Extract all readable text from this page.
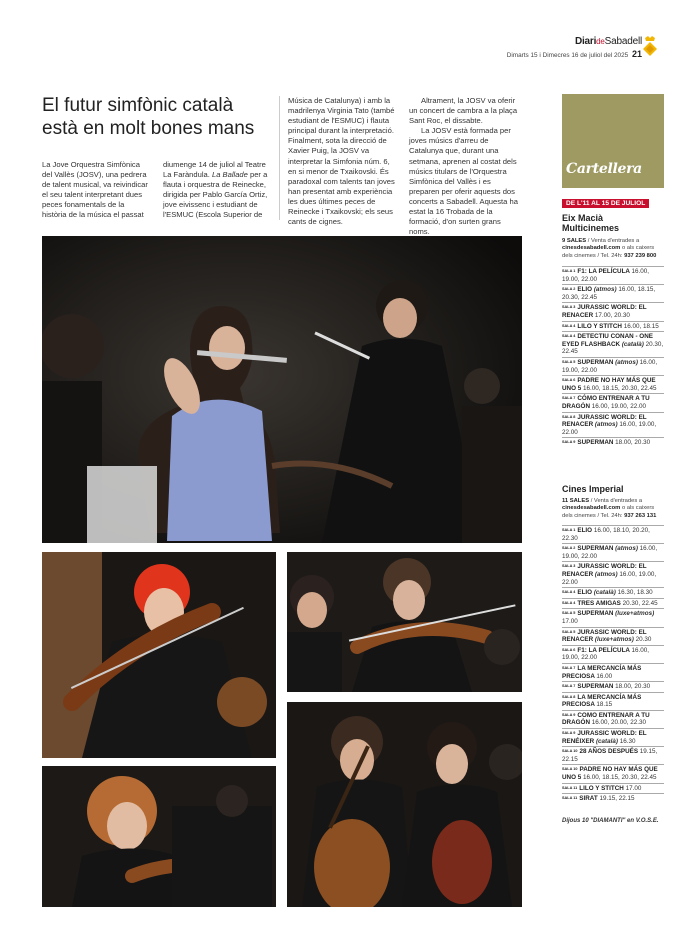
DiarideSabadell
Dimarts 15 i Dimecres 16 de juliol del 2025 21
El futur simfònic català està en molt bones mans
La Jove Orquestra Simfònica del Vallès (JOSV), una pedrera de talent musical, va reivindicar el seu talent interpretant dues peces fonamentals de la història de la música el passat
diumenge 14 de juliol al Teatre La Faràndula. La Ballade per a flauta i orquestra de Reinecke, dirigida per Pablo García Ortiz, jove eivissenc i estudiant de l'ESMUC (Escola Superior de
Música de Catalunya) i amb la madrilenya Virginia Tato (també estudiant de l'ESMUC) i flauta principal durant la interpretació. Finalment, sota la direcció de Xavier Puig, la JOSV va interpretar la Simfonia núm. 6, en si menor de Txaikovski. És paradoxal com talents tan joves han presentat amb experiència les dues últimes peces de Reinecke i Txaikovski; els seus cants de cignes.
Altrament, la JOSV va oferir un concert de cambra a la plaça Sant Roc, el dissabte.
La JOSV està formada per joves músics d'arreu de Catalunya que, durant una setmana, aprenen al costat dels músics titulars de l'Orquestra Simfònica del Vallès i es preparen per oferir aquests dos concerts a Sabadell. Aquesta ha estat la 16 Trobada de la formació, d'on surten grans noms.
Cartellera
DE L'11 AL 15 DE JULIOL
Eix Macià
Multicinemes
9 SALES / Venta d'entrades a cinesdesabadell.com o als caixers dels cinemes / Tel. 24h: 937 239 800
$^{SALA 1}$ F1: LA PELÍCULA 16.00, 19.00, 22.00
$^{SALA 2}$ ELIO (atmos) 16.00, 18.15, 20.30, 22.45
$^{SALA 3}$ JURASSIC WORLD: EL RENACER 17.00, 20.30
$^{SALA 4}$ LILO Y STITCH 16.00, 18.15
$^{SALA 4}$ DETECTIU CONAN - ONE EYED FLASHBACK (català) 20.30, 22.45
$^{SALA 5}$ SUPERMAN (atmos) 16.00, 19.00, 22.00
$^{SALA 6}$ PADRE NO HAY MÁS QUE UNO 5 16.00, 18.15, 20.30, 22.45
$^{SALA 7}$ CÓMO ENTRENAR A TU DRAGÓN 16.00, 19.00, 22.00
$^{SALA 8}$ JURASSIC WORLD: EL RENACER (atmos) 16.00, 19.00, 22.00
$^{SALA 9}$ SUPERMAN 18.00, 20.30
Cines Imperial
11 SALES / Venta d'entrades a cinesdesabadell.com o als caixers dels cinemes / Tel. 24h: 937 263 131
$^{SALA 1}$ ELIO 16.00, 18.10, 20.20, 22.30
$^{SALA 2}$ SUPERMAN (atmos) 16.00, 19.00, 22.00
$^{SALA 3}$ JURASSIC WORLD: EL RENACER (atmos) 16.00, 19.00, 22.00
$^{SALA 4}$ ELIO (català) 16.30, 18.30
$^{SALA 4}$ TRES AMIGAS 20.30, 22.45
$^{SALA 5}$ SUPERMAN (luxe+atmos) 17.00
$^{SALA 5}$ JURASSIC WORLD: EL RENACER (luxe+atmos) 20.30
$^{SALA 6}$ F1: LA PELÍCULA 16.00, 19.00, 22.00
$^{SALA 7}$ LA MERCANCÍA MÁS PRECIOSA 16.00
$^{SALA 7}$ SUPERMAN 18.00, 20.30
$^{SALA 8}$ LA MERCANCÍA MÁS PRECIOSA 18.15
$^{SALA 9}$ COMO ENTRENAR A TU DRAGÓN 16.00, 20.00, 22.30
$^{SALA 9}$ JURASSIC WORLD: EL RENÉIXER (català) 16.30
$^{SALA 10}$ 28 AÑOS DESPUÉS 19.15, 22.15
$^{SALA 10}$ PADRE NO HAY MÁS QUE UNO 5 16.00, 18.15, 20.30, 22.45
$^{SALA 11}$ LILO Y STITCH 17.00
$^{SALA 11}$ SIRAT 19.15, 22.15
Dijous 10 "DIAMANTI" en V.O.S.E.
